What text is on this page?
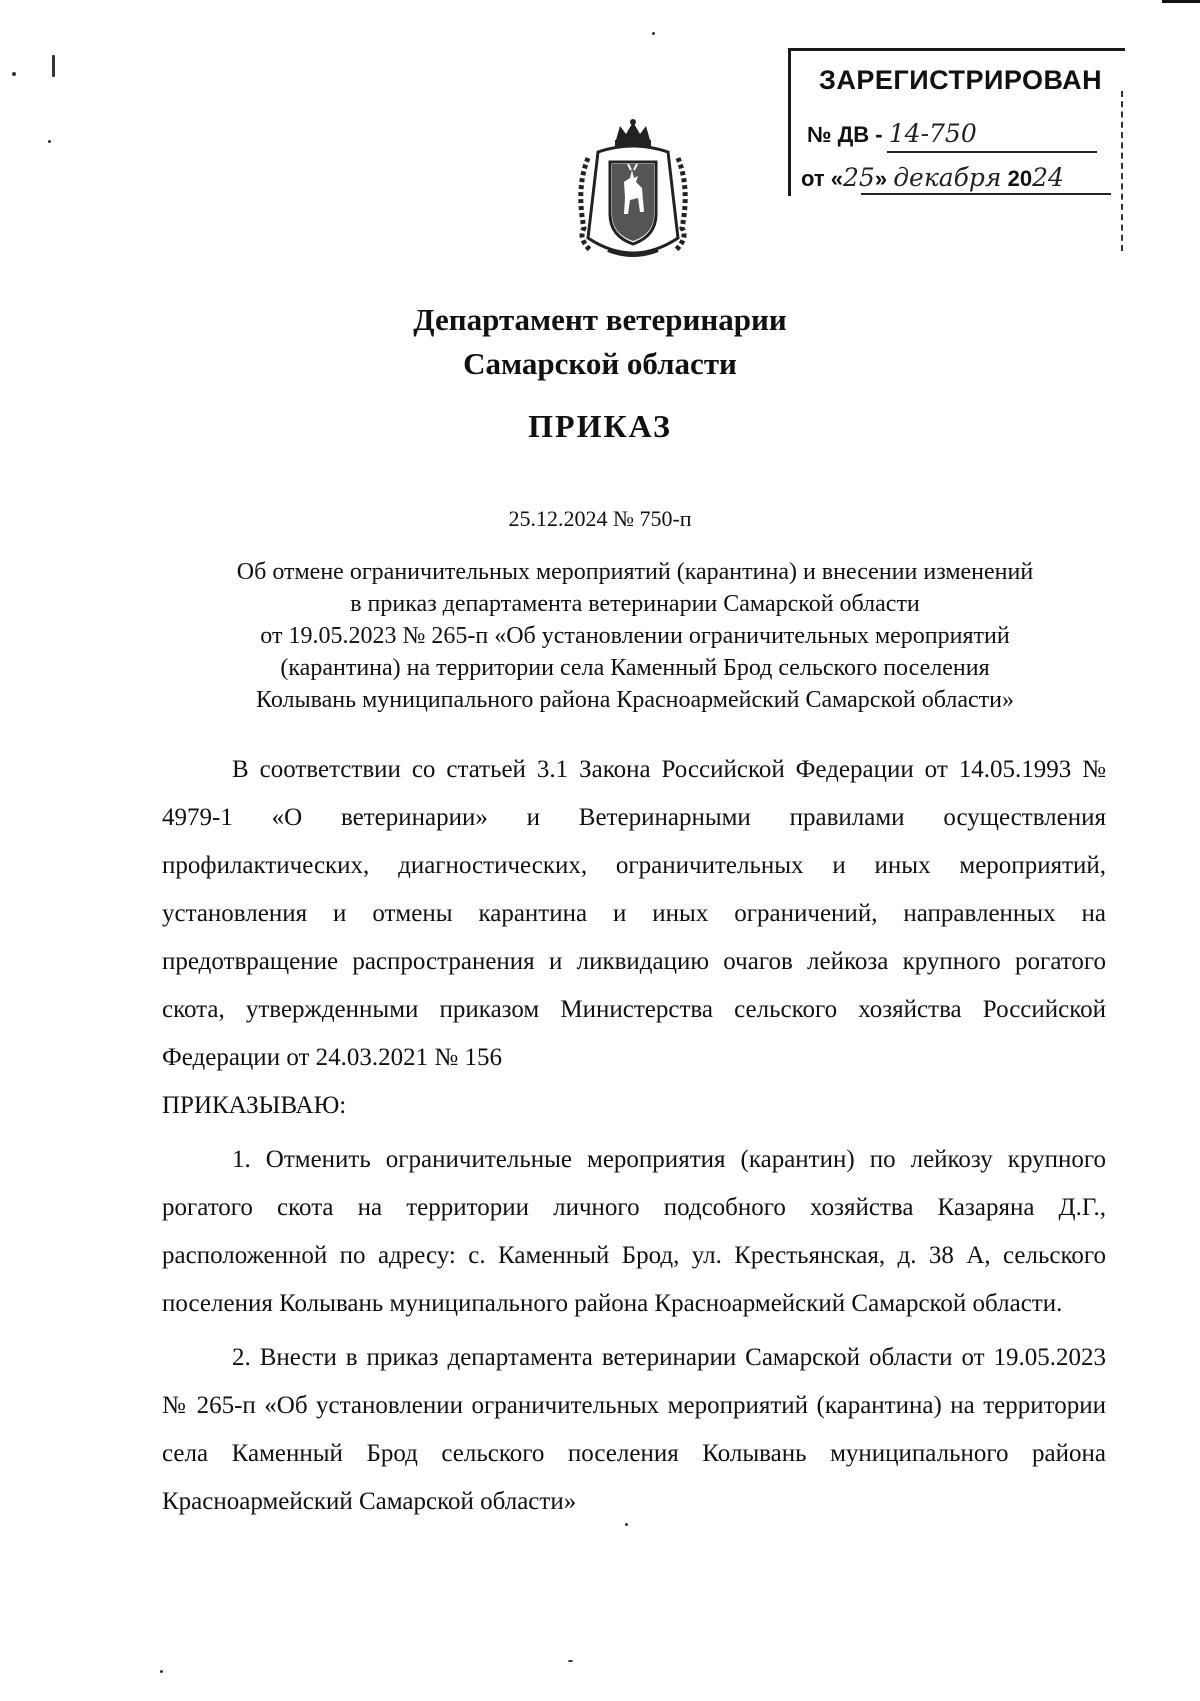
ЗАРЕГИСТРИРОВАН
№ ДВ - 14-750
от «25» декабря 2024
Департамент ветеринарии
Самарской области
ПРИКАЗ
25.12.2024 № 750-п
Об отмене ограничительных мероприятий (карантина) и внесении изменений
в приказ департамента ветеринарии Самарской области
от 19.05.2023 № 265-п «Об установлении ограничительных мероприятий
(карантина) на территории села Каменный Брод сельского поселения
Колывань муниципального района Красноармейский Самарской области»

В соответствии со статьей 3.1 Закона Российской Федерации от 14.05.1993 № 4979-1 «О ветеринарии» и Ветеринарными правилами осуществления профилактических, диагностических, ограничительных и иных мероприятий, установления и отмены карантина и иных ограничений, направленных на предотвращение распространения и ликвидацию очагов лейкоза крупного рогатого скота, утвержденными приказом Министерства сельского хозяйства Российской Федерации от 24.03.2021 № 156

ПРИКАЗЫВАЮ:

1. Отменить ограничительные мероприятия (карантин) по лейкозу крупного рогатого скота на территории личного подсобного хозяйства Казаряна Д.Г., расположенной по адресу: с. Каменный Брод, ул. Крестьянская, д. 38 А, сельского поселения Колывань муниципального района Красноармейский Самарской области.

2. Внести в приказ департамента ветеринарии Самарской области от 19.05.2023 № 265-п «Об установлении ограничительных мероприятий (карантина) на территории села Каменный Брод сельского поселения Колывань муниципального района Красноармейский Самарской области»
